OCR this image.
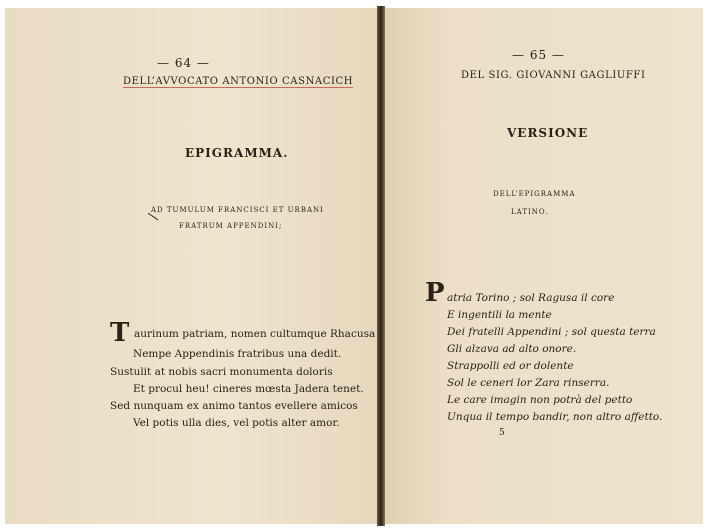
— 64 —
DELL’AVVOCATO ANTONIO CASNACICH
EPIGRAMMA.
AD TUMULUM FRANCISCI ET URBANI
FRATRUM APPENDINI;
T aurinum patriam, nomen cultumque Rhacusa
Nempe Appendinis fratribus una dedit.
Sustulit at nobis sacri monumenta doloris
Et procul heu! cineres mœsta Jadera tenet.
Sed nunquam ex animo tantos evellere amicos
Vel potis ulla dies, vel potis alter amor.
— 65 —
DEL SIG. GIOVANNI GAGLIUFFI
VERSIONE
DELL’EPIGRAMMA
LATINO.
P atria Torino ; sol Ragusa il core
E ingentili la mente
Dei fratelli Appendini ; sol questa terra
Gli alzava ad alto onore.
Strappolli ed or dolente
Sol le ceneri lor Zara rinserra.
Le care imagin non potrà del petto
Unqua il tempo bandir, non altro affetto.
5
